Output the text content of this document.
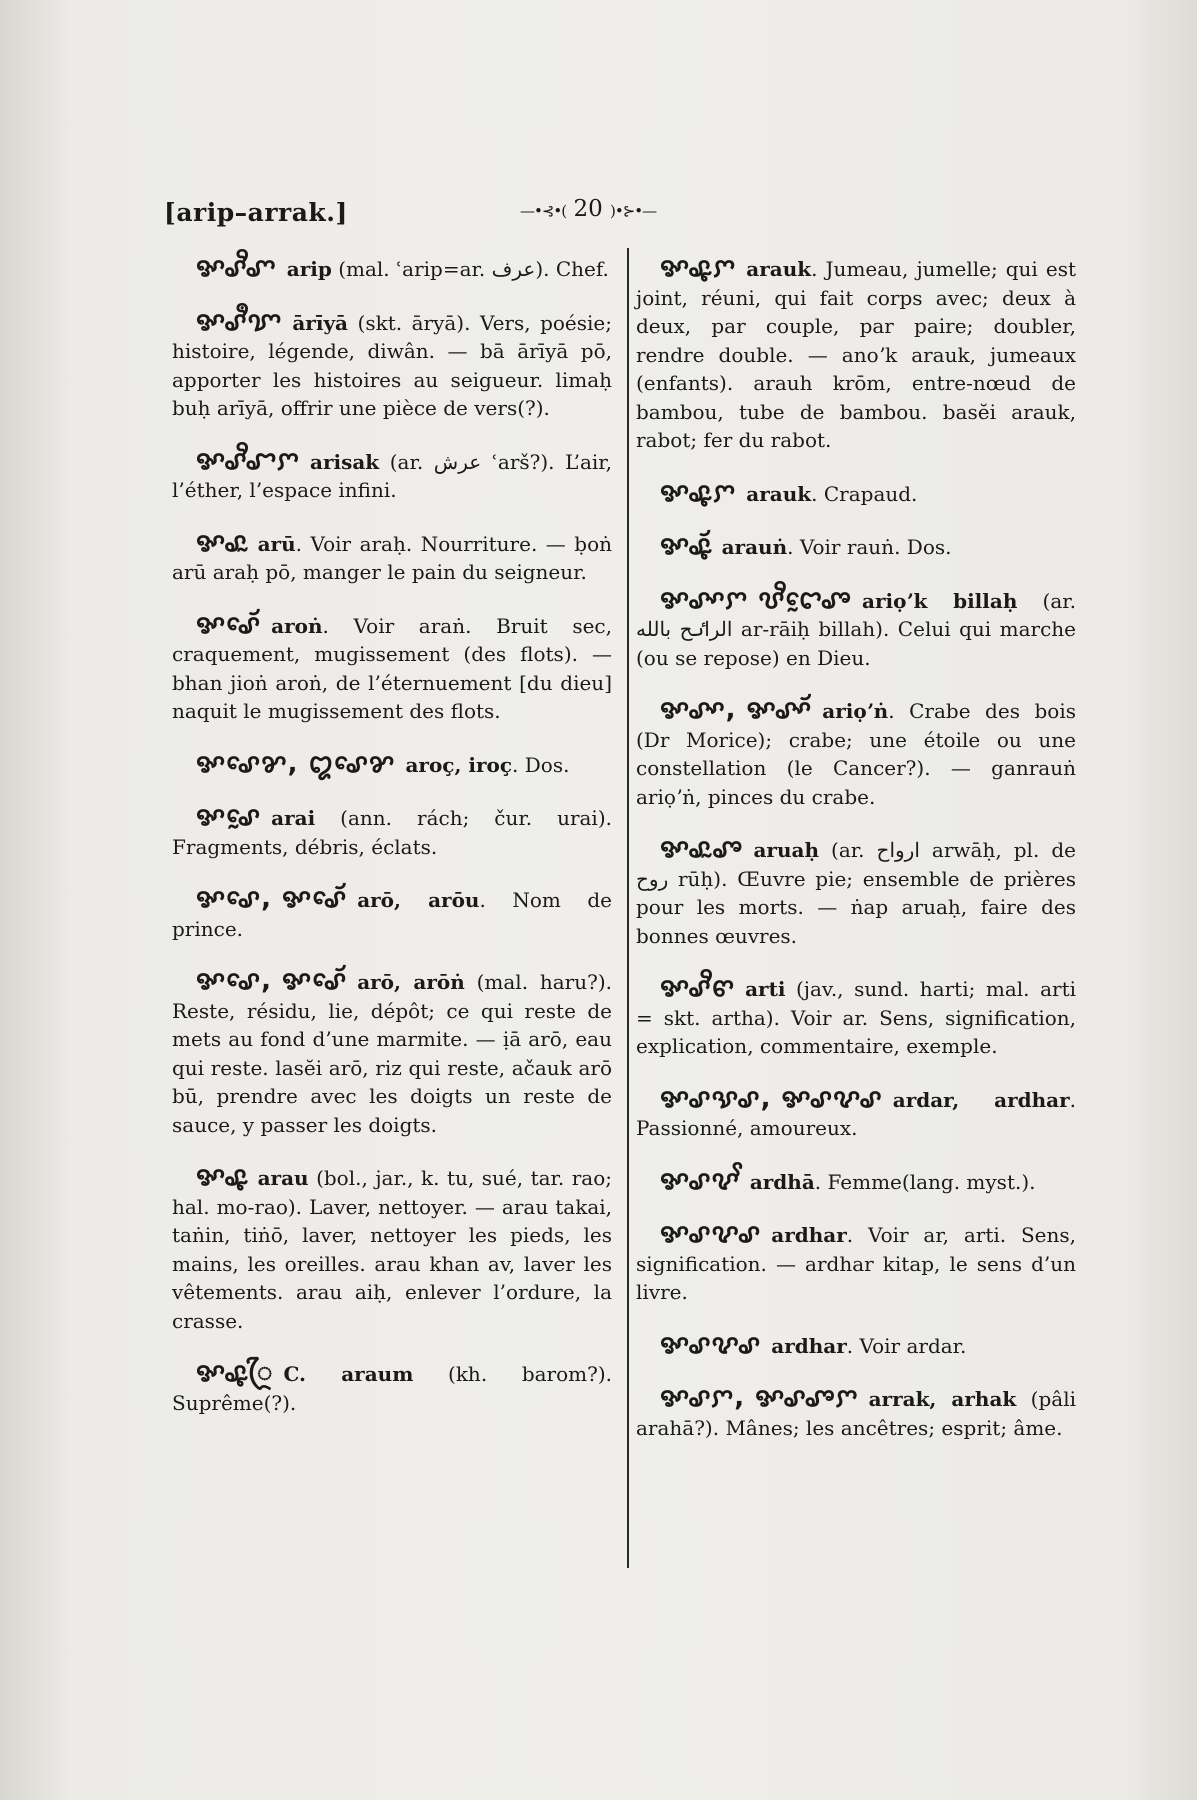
[arip–arrak.]	—•⊰•( 20 )•⊱•—
ꨀꨣꨪꨚ arip (mal. ʿarip=ar. عرف). Chef.
ꨀꨣꨫꨢ ārīyā (skt. āryā). Vers, poésie; histoire, légende, diwân. — bā ārīyā pō, apporter les histoires au seigueur. limaḥ buḥ arīyā, offrir une pièce de vers(?).
ꨀꨣꨪꨧꨆ arisak (ar. عرش ʿarš?). L’air, l’éther, l’espace infini.
ꨀꨣꨭ arū. Voir araḥ. Nourriture. — ḅoṅ arū araḥ pō, manger le pain du seigneur.
ꨀꨣꨯꨮ aroṅ. Voir araṅ. Bruit sec, craquement, mugissement (des flots). — bhan jioṅ aroṅ, de l’éternuement [du dieu] naquit le mugissement des flots.
ꨀꨣꨯꨌ, ꨁꨣꨯꨌ aroç, iroç. Dos.
ꨀꨣꨰ arai (ann. rách; čur. urai). Fragments, débris, éclats.
ꨀꨣꨯ, ꨀꨣꨯꨮ arō, arōu. Nom de prince.
ꨀꨣꨯ, ꨀꨣꨯꨮ arō, arōṅ (mal. haru?). Reste, résidu, lie, dépôt; ce qui reste de mets au fond d’une marmite. — ịā arō, eau qui reste. lasĕi arō, riz qui reste, ačauk arō bū, prendre avec les doigts un reste de sauce, y passer les doigts.
ꨀꨣꨵ arau (bol., jar., k. tu, sué, tar. rao; hal. mo-rao). Laver, nettoyer. — arau takai, taṅin, tiṅō, laver, nettoyer les pieds, les mains, les oreilles. arau khan av, laver les vêtements. arau aiḥ, enlever l’ordure, la crasse.
ꨀꨣꨵꨴ C. araum (kh. barom?). Suprême(?).
ꨀꨣꨵꨆ arauk. Jumeau, jumelle; qui est joint, réuni, qui fait corps avec; deux à deux, par couple, par paire; doubler, rendre double. — anoʼk arauk, jumeaux (enfants). arauh krōm, entre-nœud de bambou, tube de bambou. basĕi arauk, rabot; fer du rabot.
ꨀꨣꨵꨆ arauk. Crapaud.
ꨀꨣꨵꨮ arauṅ. Voir rauṅ. Dos.
ꨀꨣꨳꨆ ꨝꨪꨤꨰꨨ ariọʼk billaḥ (ar. الراٸح بالله ar-rāiḥ billah). Celui qui marche (ou se repose) en Dieu.
ꨀꨣꨳ, ꨀꨣꨳꨮ ariọʼṅ. Crabe des bois (Dr Morice); crabe; une étoile ou une constellation (le Cancer?). — ganrauṅ ariọʼṅ, pinces du crabe.
ꨀꨣꨭꨨ aruaḥ (ar. ارواح arwāḥ, pl. de روح rūḥ). Œuvre pie; ensemble de prières pour les morts. — ṅap aruaḥ, faire des bonnes œuvres.
ꨀꨣꨪꨓ arti (jav., sund. harti; mal. arti = skt. artha). Voir ar. Sens, signification, explication, commentaire, exemple.
ꨀꨣꨕꨣ, ꨀꨣꨖꨣ ardar, ardhar. Passionné, amoureux.
ꨀꨣꨖꨩ ardhā. Femme(lang. myst.).
ꨀꨣꨖꨣ ardhar. Voir ar, arti. Sens, signification. — ardhar kitap, le sens d’un livre.
ꨀꨣꨖꨣ ardhar. Voir ardar.
ꨀꨣꨆ, ꨀꨣꨨꨆ arrak, arhak (pâli arahā?). Mânes; les ancêtres; esprit; âme.
